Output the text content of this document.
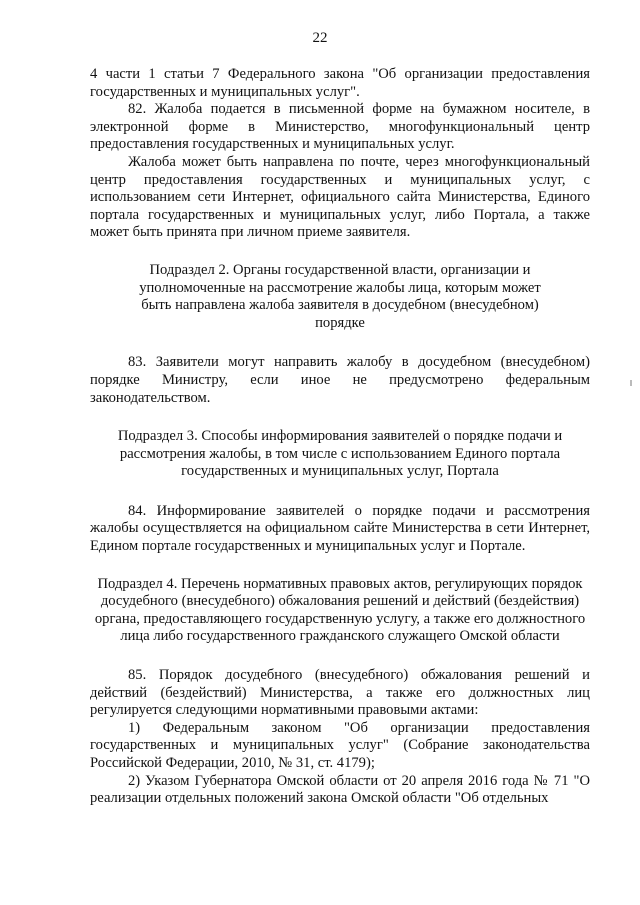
22

4 части 1 статьи 7 Федерального закона "Об организации предоставления государственных и муниципальных услуг".

82. Жалоба подается в письменной форме на бумажном носителе, в электронной форме в Министерство, многофункциональный центр предоставления государственных и муниципальных услуг.

Жалоба может быть направлена по почте, через многофункциональный центр предоставления государственных и муниципальных услуг, с использованием сети Интернет, официального сайта Министерства, Единого портала государственных и муниципальных услуг, либо Портала, а также может быть принята при личном приеме заявителя.

Подраздел 2. Органы государственной власти, организации и уполномоченные на рассмотрение жалобы лица, которым может быть направлена жалоба заявителя в досудебном (внесудебном) порядке

83. Заявители могут направить жалобу в досудебном (внесудебном) порядке Министру, если иное не предусмотрено федеральным законодательством.

Подраздел 3. Способы информирования заявителей о порядке подачи и рассмотрения жалобы, в том числе с использованием Единого портала государственных и муниципальных услуг, Портала

84. Информирование заявителей о порядке подачи и рассмотрения жалобы осуществляется на официальном сайте Министерства в сети Интернет, Едином портале государственных и муниципальных услуг и Портале.

Подраздел 4. Перечень нормативных правовых актов, регулирующих порядок досудебного (внесудебного) обжалования решений и действий (бездействия) органа, предоставляющего государственную услугу, а также его должностного лица либо государственного гражданского служащего Омской области

85. Порядок досудебного (внесудебного) обжалования решений и действий (бездействий) Министерства, а также его должностных лиц регулируется следующими нормативными правовыми актами:

1) Федеральным законом "Об организации предоставления государственных и муниципальных услуг" (Собрание законодательства Российской Федерации, 2010, № 31, ст. 4179);

2) Указом Губернатора Омской области от 20 апреля 2016 года № 71 "О реализации отдельных положений закона Омской области "Об отдельных
